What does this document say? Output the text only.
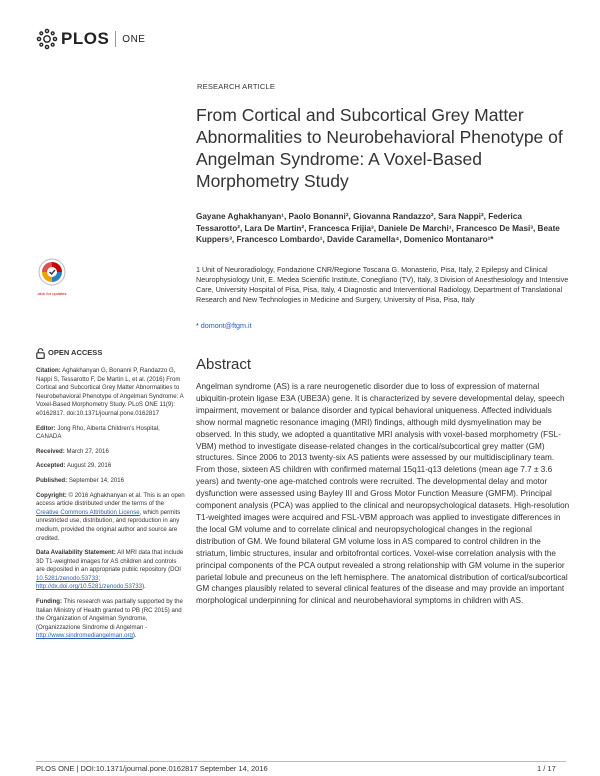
PLOS ONE
RESEARCH ARTICLE
From Cortical and Subcortical Grey Matter Abnormalities to Neurobehavioral Phenotype of Angelman Syndrome: A Voxel-Based Morphometry Study
Gayane Aghakhanyan¹, Paolo Bonanni², Giovanna Randazzo², Sara Nappi², Federica Tessarotto², Lara De Martin², Francesca Frijia³, Daniele De Marchi¹, Francesco De Masi³, Beate Kuppers³, Francesco Lombardo¹, Davide Caramella⁴, Domenico Montanaro¹*
1 Unit of Neuroradiology, Fondazione CNR/Regione Toscana G. Monasterio, Pisa, Italy, 2 Epilepsy and Clinical Neurophysiology Unit, E. Medea Scientific Institute, Conegliano (TV), Italy, 3 Division of Anesthesiology and Intensive Care, University Hospital of Pisa, Pisa, Italy, 4 Diagnostic and Interventional Radiology, Department of Translational Research and New Technologies in Medicine and Surgery, University of Pisa, Pisa, Italy
* domont@ftgm.it
click for updates
OPEN ACCESS

Citation: Aghakhanyan G, Bonanni P, Randazzo G, Nappi S, Tessarotto F, De Martin L, et al. (2016) From Cortical and Subcortical Grey Matter Abnormalities to Neurobehavioral Phenotype of Angelman Syndrome: A Voxel-Based Morphometry Study. PLoS ONE 11(9): e0162817. doi:10.1371/journal.pone.0162817

Editor: Jong Rho, Alberta Children's Hospital, CANADA

Received: March 27, 2016

Accepted: August 29, 2016

Published: September 14, 2016

Copyright: © 2016 Aghakhanyan et al. This is an open access article distributed under the terms of the Creative Commons Attribution License, which permits unrestricted use, distribution, and reproduction in any medium, provided the original author and source are credited.

Data Availability Statement: All MRI data that include 3D T1-weighted images for AS children and controls are deposited in an appropriate public repository (DOI 10.5281/zenodo.53733; http://dx.doi.org/10.5281/zenodo.53733).

Funding: This research was partially supported by the Italian Ministry of Health granted to PB (RC 2015) and the Organization of Angelman Syndrome, (Organizzazione Sindrome di Angelman - http://www.sindromediangelman.org).

Abstract
Angelman syndrome (AS) is a rare neurogenetic disorder due to loss of expression of maternal ubiquitin-protein ligase E3A (UBE3A) gene. It is characterized by severe developmental delay, speech impairment, movement or balance disorder and typical behavioral uniqueness. Affected individuals show normal magnetic resonance imaging (MRI) findings, although mild dysmyelination may be observed. In this study, we adopted a quantitative MRI analysis with voxel-based morphometry (FSL-VBM) method to investigate disease-related changes in the cortical/subcortical grey matter (GM) structures. Since 2006 to 2013 twenty-six AS patients were assessed by our multidisciplinary team. From those, sixteen AS children with confirmed maternal 15q11-q13 deletions (mean age 7.7 ± 3.6 years) and twenty-one age-matched controls were recruited. The developmental delay and motor dysfunction were assessed using Bayley III and Gross Motor Function Measure (GMFM). Principal component analysis (PCA) was applied to the clinical and neuropsychological datasets. High-resolution T1-weighted images were acquired and FSL-VBM approach was applied to investigate differences in the local GM volume and to correlate clinical and neuropsychological changes in the regional distribution of GM. We found bilateral GM volume loss in AS compared to control children in the striatum, limbic structures, insular and orbitofrontal cortices. Voxel-wise correlation analysis with the principal components of the PCA output revealed a strong relationship with GM volume in the superior parietal lobule and precuneus on the left hemisphere. The anatomical distribution of cortical/subcortical GM changes plausibly related to several clinical features of the disease and may provide an important morphological underpinning for clinical and neurobehavioral symptoms in children with AS.
PLOS ONE | DOI:10.1371/journal.pone.0162817 September 14, 2016	1 / 17
